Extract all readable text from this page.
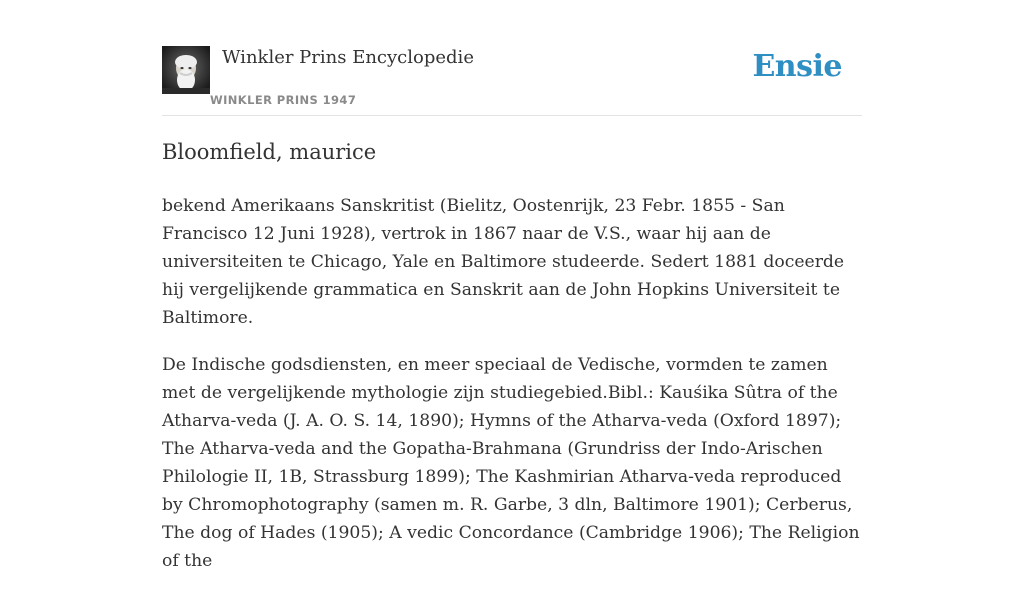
Winkler Prins Encyclopedie
WINKLER PRINS 1947
Ensie
Bloomfield, maurice

bekend Amerikaans Sanskritist (Bielitz, Oostenrijk, 23 Febr. 1855 - San Francisco 12 Juni 1928), vertrok in 1867 naar de V.S., waar hij aan de universiteiten te Chicago, Yale en Baltimore studeerde. Sedert 1881 doceerde hij vergelijkende grammatica en Sanskrit aan de John Hopkins Universiteit te Baltimore.

De Indische godsdiensten, en meer speciaal de Vedische, vormden te zamen met de vergelijkende mythologie zijn studiegebied.Bibl.: Kauśika Sûtra of the Atharva-veda (J. A. O. S. 14, 1890); Hymns of the Atharva-veda (Oxford 1897); The Atharva-veda and the Gopatha-Brahmana (Grundriss der Indo-Arischen Philologie II, 1B, Strassburg 1899); The Kashmirian Atharva-veda reproduced by Chromophotography (samen m. R. Garbe, 3 dln, Baltimore 1901); Cerberus, The dog of Hades (1905); A vedic Concordance (Cambridge 1906); The Religion of the
